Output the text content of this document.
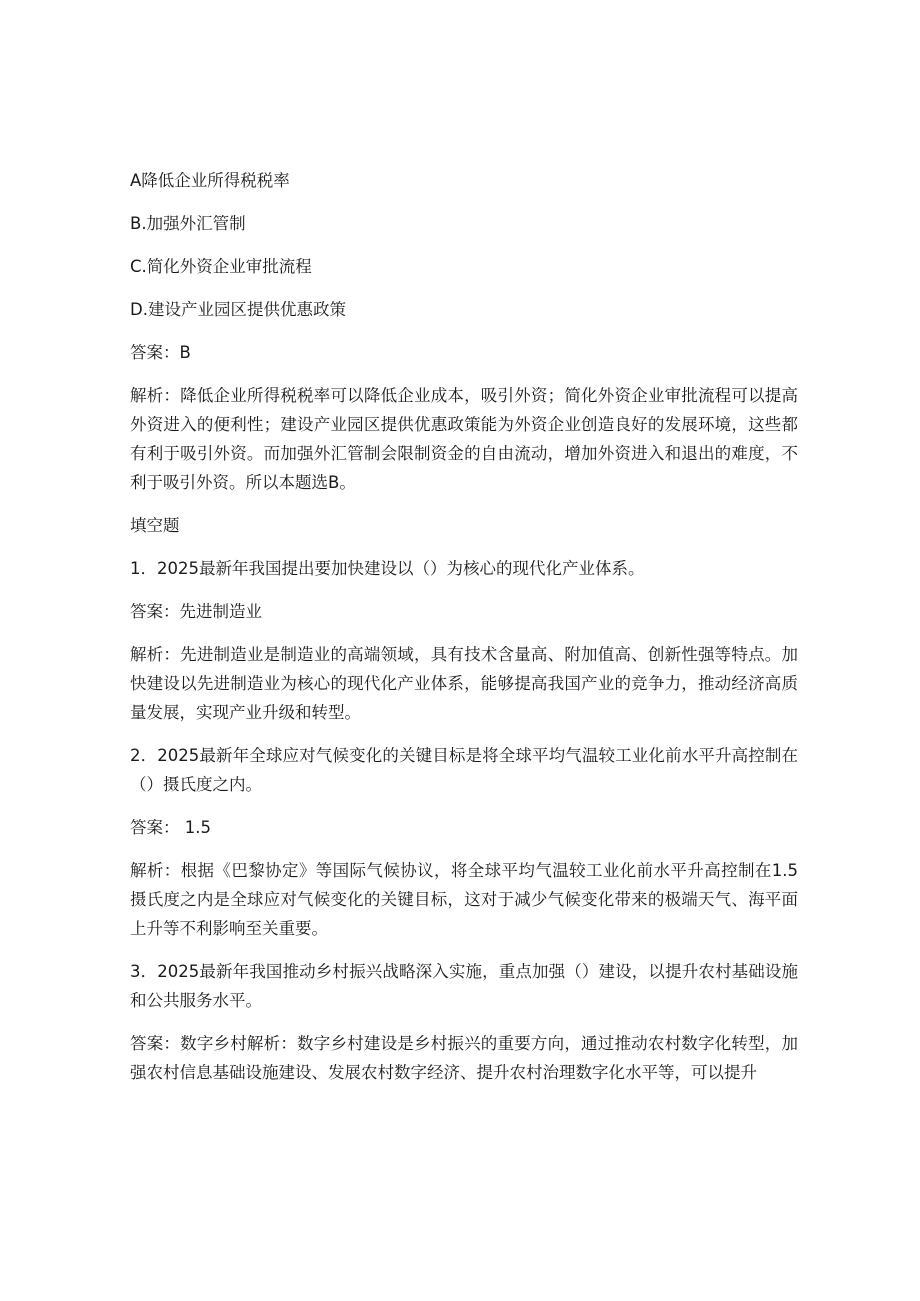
A降低企业所得税税率

B.加强外汇管制

C.简化外资企业审批流程

D.建设产业园区提供优惠政策

答案：B

解析：降低企业所得税税率可以降低企业成本，吸引外资；简化外资企业审批流程可以提高外资进入的便利性；建设产业园区提供优惠政策能为外资企业创造良好的发展环境，这些都有利于吸引外资。而加强外汇管制会限制资金的自由流动，增加外资进入和退出的难度，不利于吸引外资。所以本题选B。

填空题

1．2025最新年我国提出要加快建设以（）为核心的现代化产业体系。

答案：先进制造业

解析：先进制造业是制造业的高端领域，具有技术含量高、附加值高、创新性强等特点。加快建设以先进制造业为核心的现代化产业体系，能够提高我国产业的竞争力，推动经济高质量发展，实现产业升级和转型。

2．2025最新年全球应对气候变化的关键目标是将全球平均气温较工业化前水平升高控制在（）摄氏度之内。

答案： 1.5

解析：根据《巴黎协定》等国际气候协议，将全球平均气温较工业化前水平升高控制在1.5摄氏度之内是全球应对气候变化的关键目标，这对于减少气候变化带来的极端天气、海平面上升等不利影响至关重要。

3．2025最新年我国推动乡村振兴战略深入实施，重点加强（）建设，以提升农村基础设施和公共服务水平。

答案：数字乡村解析：数字乡村建设是乡村振兴的重要方向，通过推动农村数字化转型，加强农村信息基础设施建设、发展农村数字经济、提升农村治理数字化水平等，可以提升
